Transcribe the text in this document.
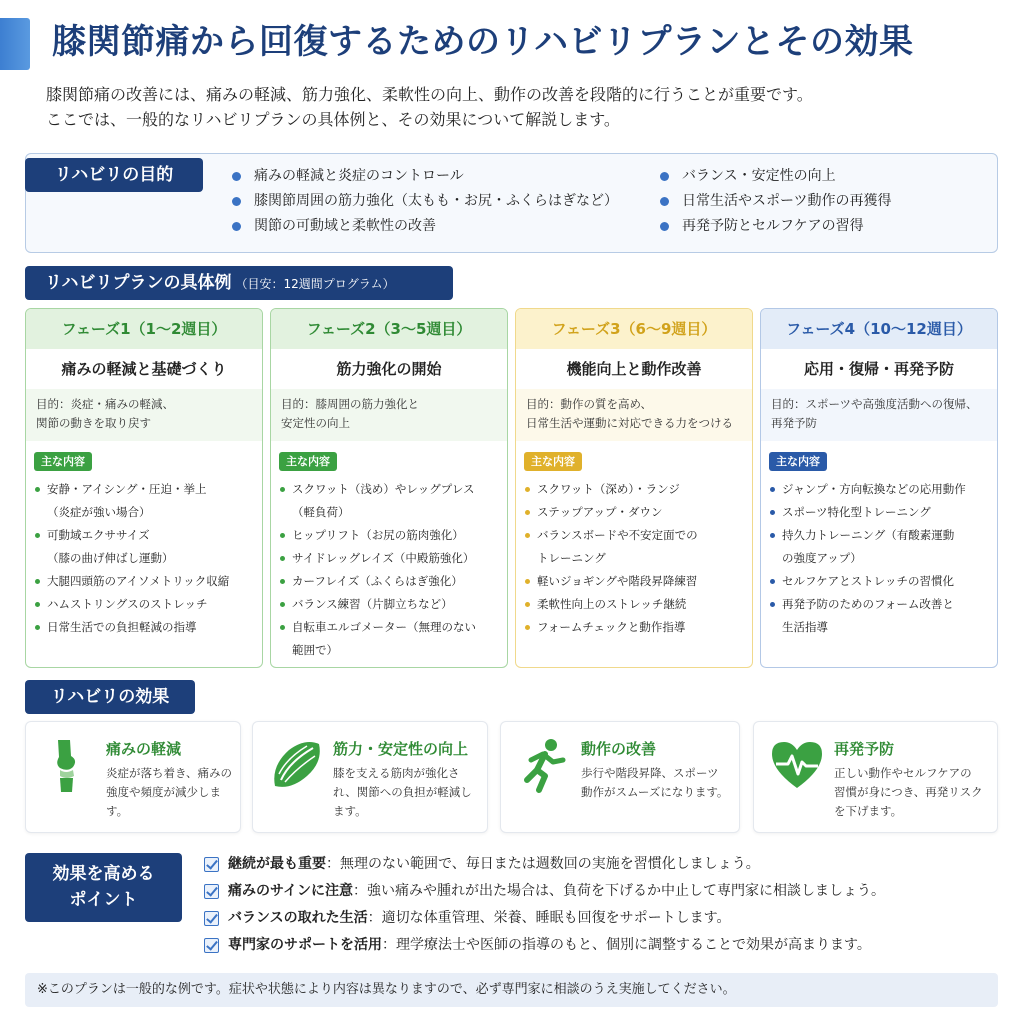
膝関節痛から回復するためのリハビリプランとその効果
膝関節痛の改善には、痛みの軽減、筋力強化、柔軟性の向上、動作の改善を段階的に行うことが重要です。
ここでは、一般的なリハビリプランの具体例と、その効果について解説します。
リハビリの目的	痛みの軽減と炎症のコントロール
膝関節周囲の筋力強化（太もも・お尻・ふくらはぎなど）
関節の可動域と柔軟性の改善
バランス・安定性の向上
日常生活やスポーツ動作の再獲得
再発予防とセルフケアの習得
リハビリプランの具体例 （目安：12週間プログラム）
フェーズ1（1〜2週目）
痛みの軽減と基礎づくり
目的：炎症・痛みの軽減、
関節の動きを取り戻す
主な内容
安静・アイシング・圧迫・挙上
（炎症が強い場合）
可動域エクササイズ
（膝の曲げ伸ばし運動）
大腿四頭筋のアイソメトリック収縮
ハムストリングスのストレッチ
日常生活での負担軽減の指導
フェーズ2（3〜5週目）
筋力強化の開始
目的：膝周囲の筋力強化と
安定性の向上
主な内容
スクワット（浅め）やレッグプレス
（軽負荷）
ヒップリフト（お尻の筋肉強化）
サイドレッグレイズ（中殿筋強化）
カーフレイズ（ふくらはぎ強化）
バランス練習（片脚立ちなど）
自転車エルゴメーター（無理のない
範囲で）
フェーズ3（6〜9週目）
機能向上と動作改善
目的：動作の質を高め、
日常生活や運動に対応できる力をつける
主な内容
スクワット（深め）・ランジ
ステップアップ・ダウン
バランスボードや不安定面での
トレーニング
軽いジョギングや階段昇降練習
柔軟性向上のストレッチ継続
フォームチェックと動作指導
フェーズ4（10〜12週目）
応用・復帰・再発予防
目的：スポーツや高強度活動への復帰、
再発予防
主な内容
ジャンプ・方向転換などの応用動作
スポーツ特化型トレーニング
持久力トレーニング（有酸素運動
の強度アップ）
セルフケアとストレッチの習慣化
再発予防のためのフォーム改善と
生活指導
リハビリの効果
痛みの軽減
炎症が落ち着き、痛みの
強度や頻度が減少します。
筋力・安定性の向上
膝を支える筋肉が強化さ
れ、関節への負担が軽減し
ます。
動作の改善
歩行や階段昇降、スポーツ
動作がスムーズになります。
再発予防
正しい動作やセルフケアの
習慣が身につき、再発リスク
を下げます。
効果を高める
ポイント
継続が最も重要：無理のない範囲で、毎日または週数回の実施を習慣化しましょう。
痛みのサインに注意：強い痛みや腫れが出た場合は、負荷を下げるか中止して専門家に相談しましょう。
バランスの取れた生活：適切な体重管理、栄養、睡眠も回復をサポートします。
専門家のサポートを活用：理学療法士や医師の指導のもと、個別に調整することで効果が高まります。
※このプランは一般的な例です。症状や状態により内容は異なりますので、必ず専門家に相談のうえ実施してください。
